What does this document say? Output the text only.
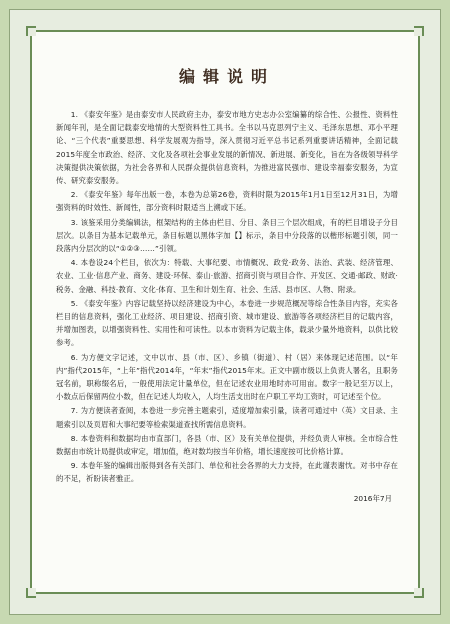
编辑说明

1. 《泰安年鉴》是由泰安市人民政府主办，泰安市地方史志办公室编纂的综合性、公报性、资料性新闻年刊，是全面记载泰安地情的大型资料性工具书。全书以马克思列宁主义、毛泽东思想、邓小平理论、“三个代表”重要思想、科学发展观为指导，深入贯彻习近平总书记系列重要讲话精神，全面记载2015年度全市政治、经济、文化及各项社会事业发展的新情况、新进展、新变化，旨在为各级领导科学决策提供决策依据，为社会各界和人民群众提供信息资料，为推进富民强市、建设幸福泰安服务，为宣传、研究泰安服务。

2. 《泰安年鉴》每年出版一卷，本卷为总第26卷，资料时限为2015年1月1日至12月31日，为增强资料的时效性、新闻性，部分资料时限适当上溯或下延。

3. 该鉴采用分类编辑法，框架结构的主体由栏目、分目、条目三个层次组成，有的栏目增设子分目层次。以条目为基本记载单元，条目标题以黑体字加【】标示，条目中分段落的以楷形标题引领，同一段落内分层次的以“①②③……”引领。

4. 本卷设24个栏目，依次为：特载、大事纪要、市情概况、政党·政务、法治、武装、经济管理、农业、工业·信息产业、商务、建设·环保、泰山·旅游、招商引资与项目合作、开发区、交通·邮政、财政·税务、金融、科技·教育、文化·体育、卫生和计划生育、社会、生活、县市区、人物、附录。

5. 《泰安年鉴》内容记载坚持以经济建设为中心，本卷进一步规范概况等综合性条目内容，充实各栏目的信息资料，强化工业经济、项目建设、招商引资、城市建设、旅游等各项经济栏目的记载内容，并增加图表，以增强资料性、实用性和可读性。以本市资料为记载主体，载录少量外地资料，以供比较参考。

6. 为方便文字记述，文中以市、县（市、区）、乡镇（街道）、村（居）来体现记述范围。以“年内”指代2015年，“上年”指代2014年，“年末”指代2015年末。正文中副市级以上负责人署名，且职务冠名前，职称缀名后，一般使用法定计量单位，但在记述农业用地时亦可用亩。数字一般记至万以上，小数点后保留两位小数，但在记述人均收入，人均生活支出时在户职工平均工资时，可记述至个位。

7. 为方便读者查阅，本卷进一步完善主题索引，适度增加索引量，读者可通过中（英）文目录、主题索引以及页眉和大事纪要等检索渠道查找所需信息资料。

8. 本卷资料和数据均由市直部门，各县（市、区）及有关单位提供，并经负责人审核。全市综合性数据由市统计局提供或审定，增加值，绝对数均按当年价格，增长速度按可比价格计算。

9. 本卷年鉴的编辑出版得到各有关部门、单位和社会各界的大力支持，在此谨表谢忱。对书中存在的不足，祈盼读者雅正。

2016年7月
